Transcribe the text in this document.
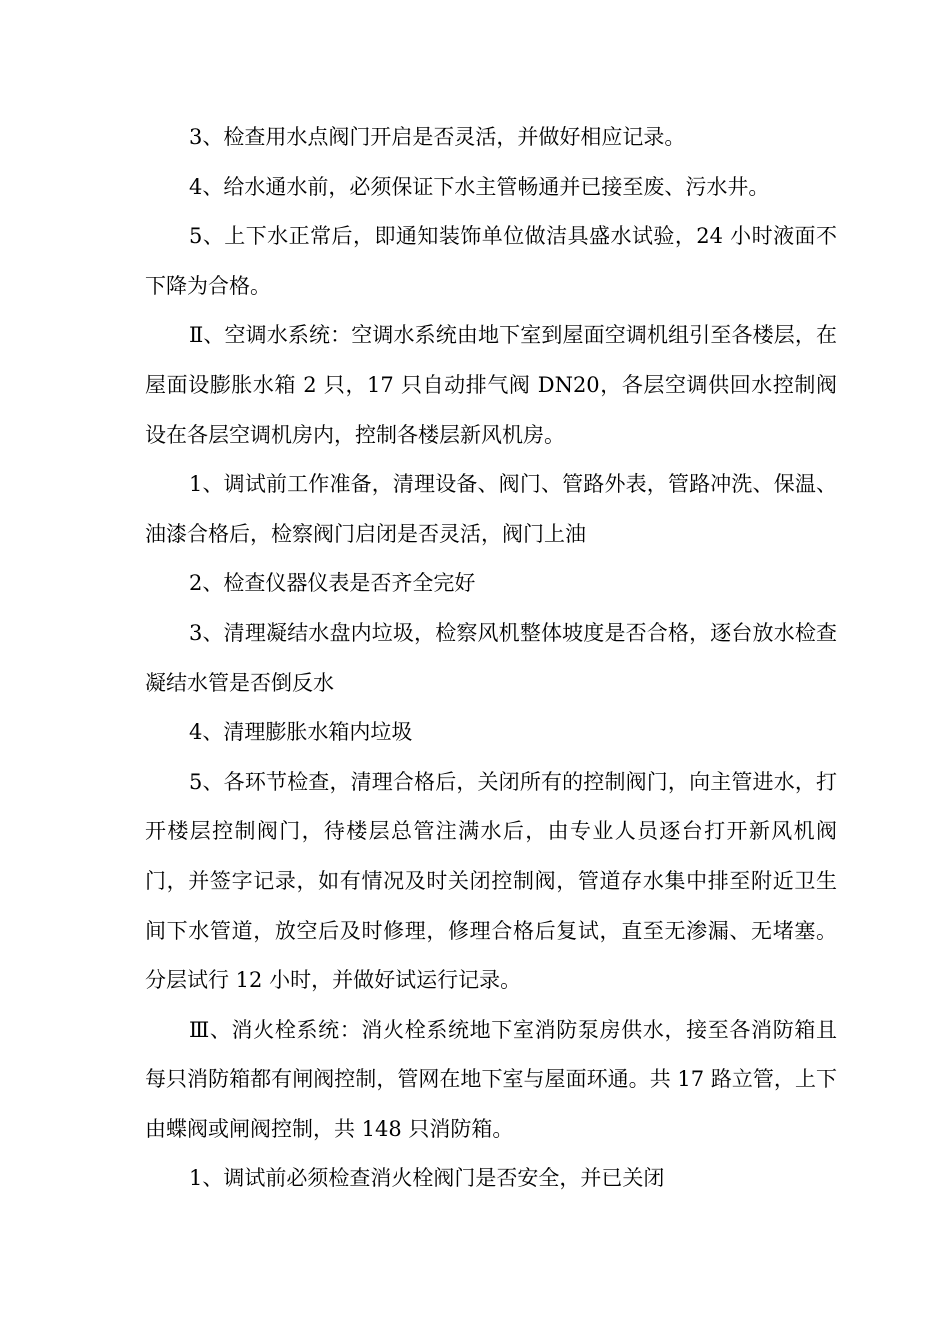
3、检查用水点阀门开启是否灵活，并做好相应记录。

4、给水通水前，必须保证下水主管畅通并已接至废、污水井。

5、上下水正常后，即通知装饰单位做洁具盛水试验，24 小时液面不下降为合格。

Ⅱ、空调水系统：空调水系统由地下室到屋面空调机组引至各楼层，在屋面设膨胀水箱 2 只，17 只自动排气阀 DN20，各层空调供回水控制阀设在各层空调机房内，控制各楼层新风机房。

1、调试前工作准备，清理设备、阀门、管路外表，管路冲洗、保温、油漆合格后，检察阀门启闭是否灵活，阀门上油

2、检查仪器仪表是否齐全完好

3、清理凝结水盘内垃圾，检察风机整体坡度是否合格，逐台放水检查凝结水管是否倒反水

4、清理膨胀水箱内垃圾

5、各环节检查，清理合格后，关闭所有的控制阀门，向主管进水，打开楼层控制阀门，待楼层总管注满水后，由专业人员逐台打开新风机阀门，并签字记录，如有情况及时关闭控制阀，管道存水集中排至附近卫生间下水管道，放空后及时修理，修理合格后复试，直至无渗漏、无堵塞。分层试行 12 小时，并做好试运行记录。

Ⅲ、消火栓系统：消火栓系统地下室消防泵房供水，接至各消防箱且每只消防箱都有闸阀控制，管网在地下室与屋面环通。共 17 路立管，上下由蝶阀或闸阀控制，共 148 只消防箱。

1、调试前必须检查消火栓阀门是否安全，并已关闭
